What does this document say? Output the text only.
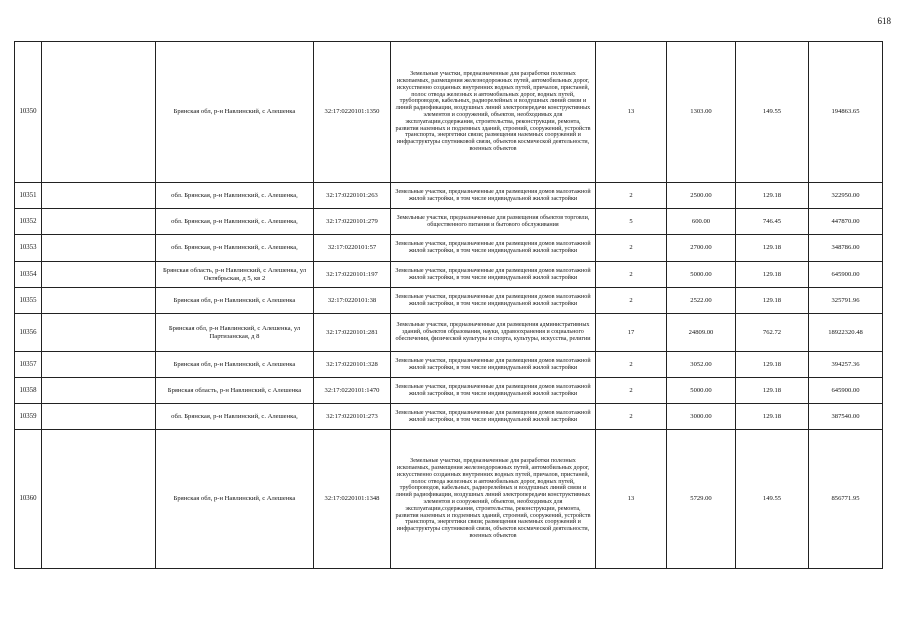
618
10350		Брянская обл, р-н Навлинский, с Алешенка	32:17:0220101:1350	Земельные участки, предназначенные для разработки полезных ископаемых, размещения железнодорожных путей, автомобильных дорог, искусственно созданных внутренних водных путей, причалов, пристаней, полос отвода железных и автомобильных дорог, водных путей, трубопроводов, кабельных, радиорелейных и воздушных линий связи и линий радиофикации, воздушных линий электропередачи конструктивных элементов и сооружений, объектов, необходимых для эксплуатации,содержания, строительства, реконструкции, ремонта, развития наземных и подземных зданий, строений, сооружений, устройств транспорта, энергетики связи; размещения наземных сооружений и инфраструктуры спутниковой связи, объектов космической деятельности, военных объектов	13	1303.00	149.55	194863.65
10351		обл. Брянская, р-н Навлинский, с. Алешенка,	32:17:0220101:263	Земельные участки, предназначенные для размещения домов малоэтажной жилой застройки, в том числе индивидуальной жилой застройки	2	2500.00	129.18	322950.00
10352		обл. Брянская, р-н Навлинский, с. Алешенка,	32:17:0220101:279	Земельные участки, предназначенные для размещения объектов торговли, общественного питания и бытового обслуживания	5	600.00	746.45	447870.00
10353		обл. Брянская, р-н Навлинский, с. Алешенка,	32:17:0220101:57	Земельные участки, предназначенные для размещения домов малоэтажной жилой застройки, в том числе индивидуальной жилой застройки	2	2700.00	129.18	348786.00
10354		Брянская область, р-н Навлинский, с Алешенка, ул Октябрьская, д 5, кв 2	32:17:0220101:197	Земельные участки, предназначенные для размещения домов малоэтажной жилой застройки, в том числе индивидуальной жилой застройки	2	5000.00	129.18	645900.00
10355		Брянская обл, р-н Навлинский, с Алешенка	32:17:0220101:38	Земельные участки, предназначенные для размещения домов малоэтажной жилой застройки, в том числе индивидуальной жилой застройки	2	2522.00	129.18	325791.96
10356		Брянская обл, р-н Навлинский, с Алешенка, ул Партизанская, д 8	32:17:0220101:281	Земельные участки, предназначенные для размещения административных зданий, объектов образования, науки, здравоохранения и социального обеспечения, физической культуры и спорта, культуры, искусства, религии	17	24809.00	762.72	18922320.48
10357		Брянская обл, р-н Навлинский, с Алешенка	32:17:0220101:328	Земельные участки, предназначенные для размещения домов малоэтажной жилой застройки, в том числе индивидуальной жилой застройки	2	3052.00	129.18	394257.36
10358		Брянская область, р-н Навлинский, с Алешенка	32:17:0220101:1470	Земельные участки, предназначенные для размещения домов малоэтажной жилой застройки, в том числе индивидуальной жилой застройки	2	5000.00	129.18	645900.00
10359		обл. Брянская, р-н Навлинский, с. Алешенка,	32:17:0220101:273	Земельные участки, предназначенные для размещения домов малоэтажной жилой застройки, в том числе индивидуальной жилой застройки	2	3000.00	129.18	387540.00
10360		Брянская обл, р-н Навлинский, с Алешенка	32:17:0220101:1348	Земельные участки, предназначенные для разработки полезных ископаемых, размещения железнодорожных путей, автомобильных дорог, искусственно созданных внутренних водных путей, причалов, пристаней, полос отвода железных и автомобильных дорог, водных путей, трубопроводов, кабельных, радиорелейных и воздушных линий связи и линий радиофикации, воздушных линий электропередачи конструктивных элементов и сооружений, объектов, необходимых для эксплуатации,содержания, строительства, реконструкции, ремонта, развития наземных и подземных зданий, строений, сооружений, устройств транспорта, энергетики связи; размещения наземных сооружений и инфраструктуры спутниковой связи, объектов космической деятельности, военных объектов	13	5729.00	149.55	856771.95
